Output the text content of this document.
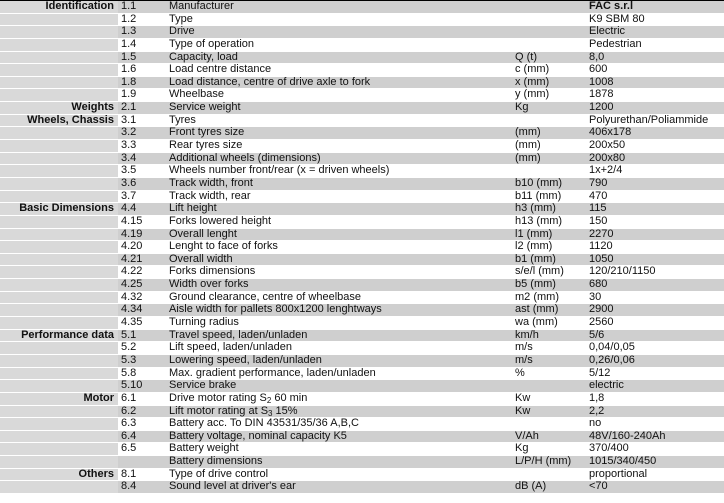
Identification	1.1	Manufacturer		FAC s.r.l
	1.2	Type		K9 SBM 80
	1.3	Drive		Electric
	1.4	Type of operation		Pedestrian
	1.5	Capacity, load	Q (t)	8,0
	1.6	Load centre distance	c (mm)	600
	1.8	Load distance, centre of drive axle to fork	x (mm)	1008
	1.9	Wheelbase	y (mm)	1878
Weights	2.1	Service weight	Kg	1200
Wheels, Chassis	3.1	Tyres		Polyurethan/Poliammide
	3.2	Front tyres size	(mm)	406x178
	3.3	Rear tyres size	(mm)	200x50
	3.4	Additional wheels (dimensions)	(mm)	200x80
	3.5	Wheels number front/rear (x = driven wheels)		1x+2/4
	3.6	Track width, front	b10 (mm)	790
	3.7	Track width, rear	b11 (mm)	470
Basic Dimensions	4.4	Lift height	h3 (mm)	115
	4.15	Forks lowered height	h13 (mm)	150
	4.19	Overall lenght	l1 (mm)	2270
	4.20	Lenght to face of forks	l2 (mm)	1120
	4.21	Overall width	b1 (mm)	1050
	4.22	Forks dimensions	s/e/l (mm)	120/210/1150
	4.25	Width over forks	b5 (mm)	680
	4.32	Ground clearance, centre of wheelbase	m2 (mm)	30
	4.34	Aisle width for pallets 800x1200 lenghtways	ast (mm)	2900
	4.35	Turning radius	wa (mm)	2560
Performance data	5.1	Travel speed, laden/unladen	km/h	5/6
	5.2	Lift speed, laden/unladen	m/s	0,04/0,05
	5.3	Lowering speed, laden/unladen	m/s	0,26/0,06
	5.8	Max. gradient performance, laden/unladen	%	5/12
	5.10	Service brake		electric
Motor	6.1	Drive motor rating $S_2$ 60 min	Kw	1,8
	6.2	Lift motor rating at $S_3$ 15%	Kw	2,2
	6.3	Battery acc. To DIN 43531/35/36 A,B,C		no
	6.4	Battery voltage, nominal capacity K5	V/Ah	48V/160-240Ah
	6.5	Battery weight	Kg	370/400
		Battery dimensions	L/P/H (mm)	1015/340/450
Others	8.1	Type of drive control		proportional
	8.4	Sound level at driver's ear	dB (A)	<70
